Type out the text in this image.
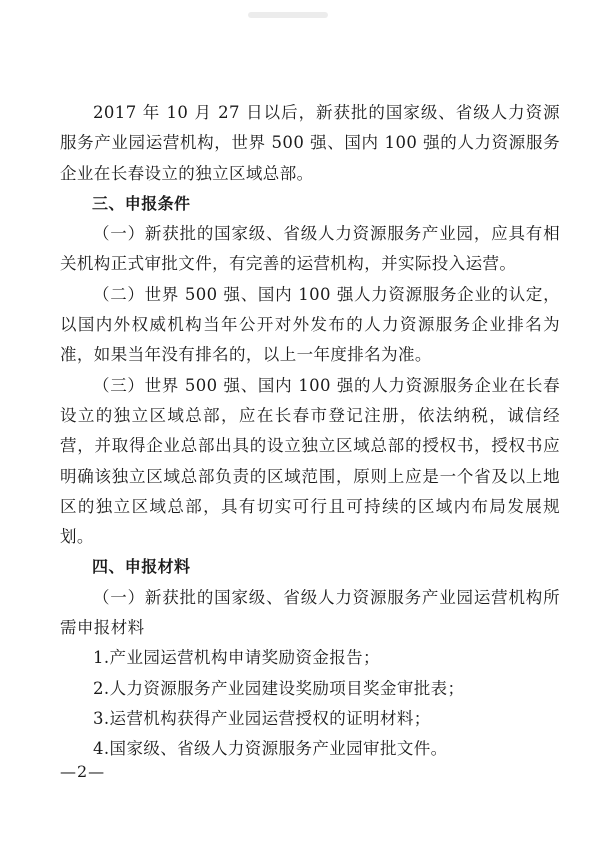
2017 年 10 月 27 日以后，新获批的国家级、省级人力资源服务产业园运营机构，世界 500 强、国内 100 强的人力资源服务企业在长春设立的独立区域总部。

三、申报条件

（一）新获批的国家级、省级人力资源服务产业园，应具有相关机构正式审批文件，有完善的运营机构，并实际投入运营。

（二）世界 500 强、国内 100 强人力资源服务企业的认定，以国内外权威机构当年公开对外发布的人力资源服务企业排名为准，如果当年没有排名的，以上一年度排名为准。

（三）世界 500 强、国内 100 强的人力资源服务企业在长春设立的独立区域总部，应在长春市登记注册，依法纳税，诚信经营，并取得企业总部出具的设立独立区域总部的授权书，授权书应明确该独立区域总部负责的区域范围，原则上应是一个省及以上地区的独立区域总部，具有切实可行且可持续的区域内布局发展规划。

四、申报材料

（一）新获批的国家级、省级人力资源服务产业园运营机构所需申报材料

1.产业园运营机构申请奖励资金报告；

2.人力资源服务产业园建设奖励项目奖金审批表；

3.运营机构获得产业园运营授权的证明材料；

4.国家级、省级人力资源服务产业园审批文件。

—2—
